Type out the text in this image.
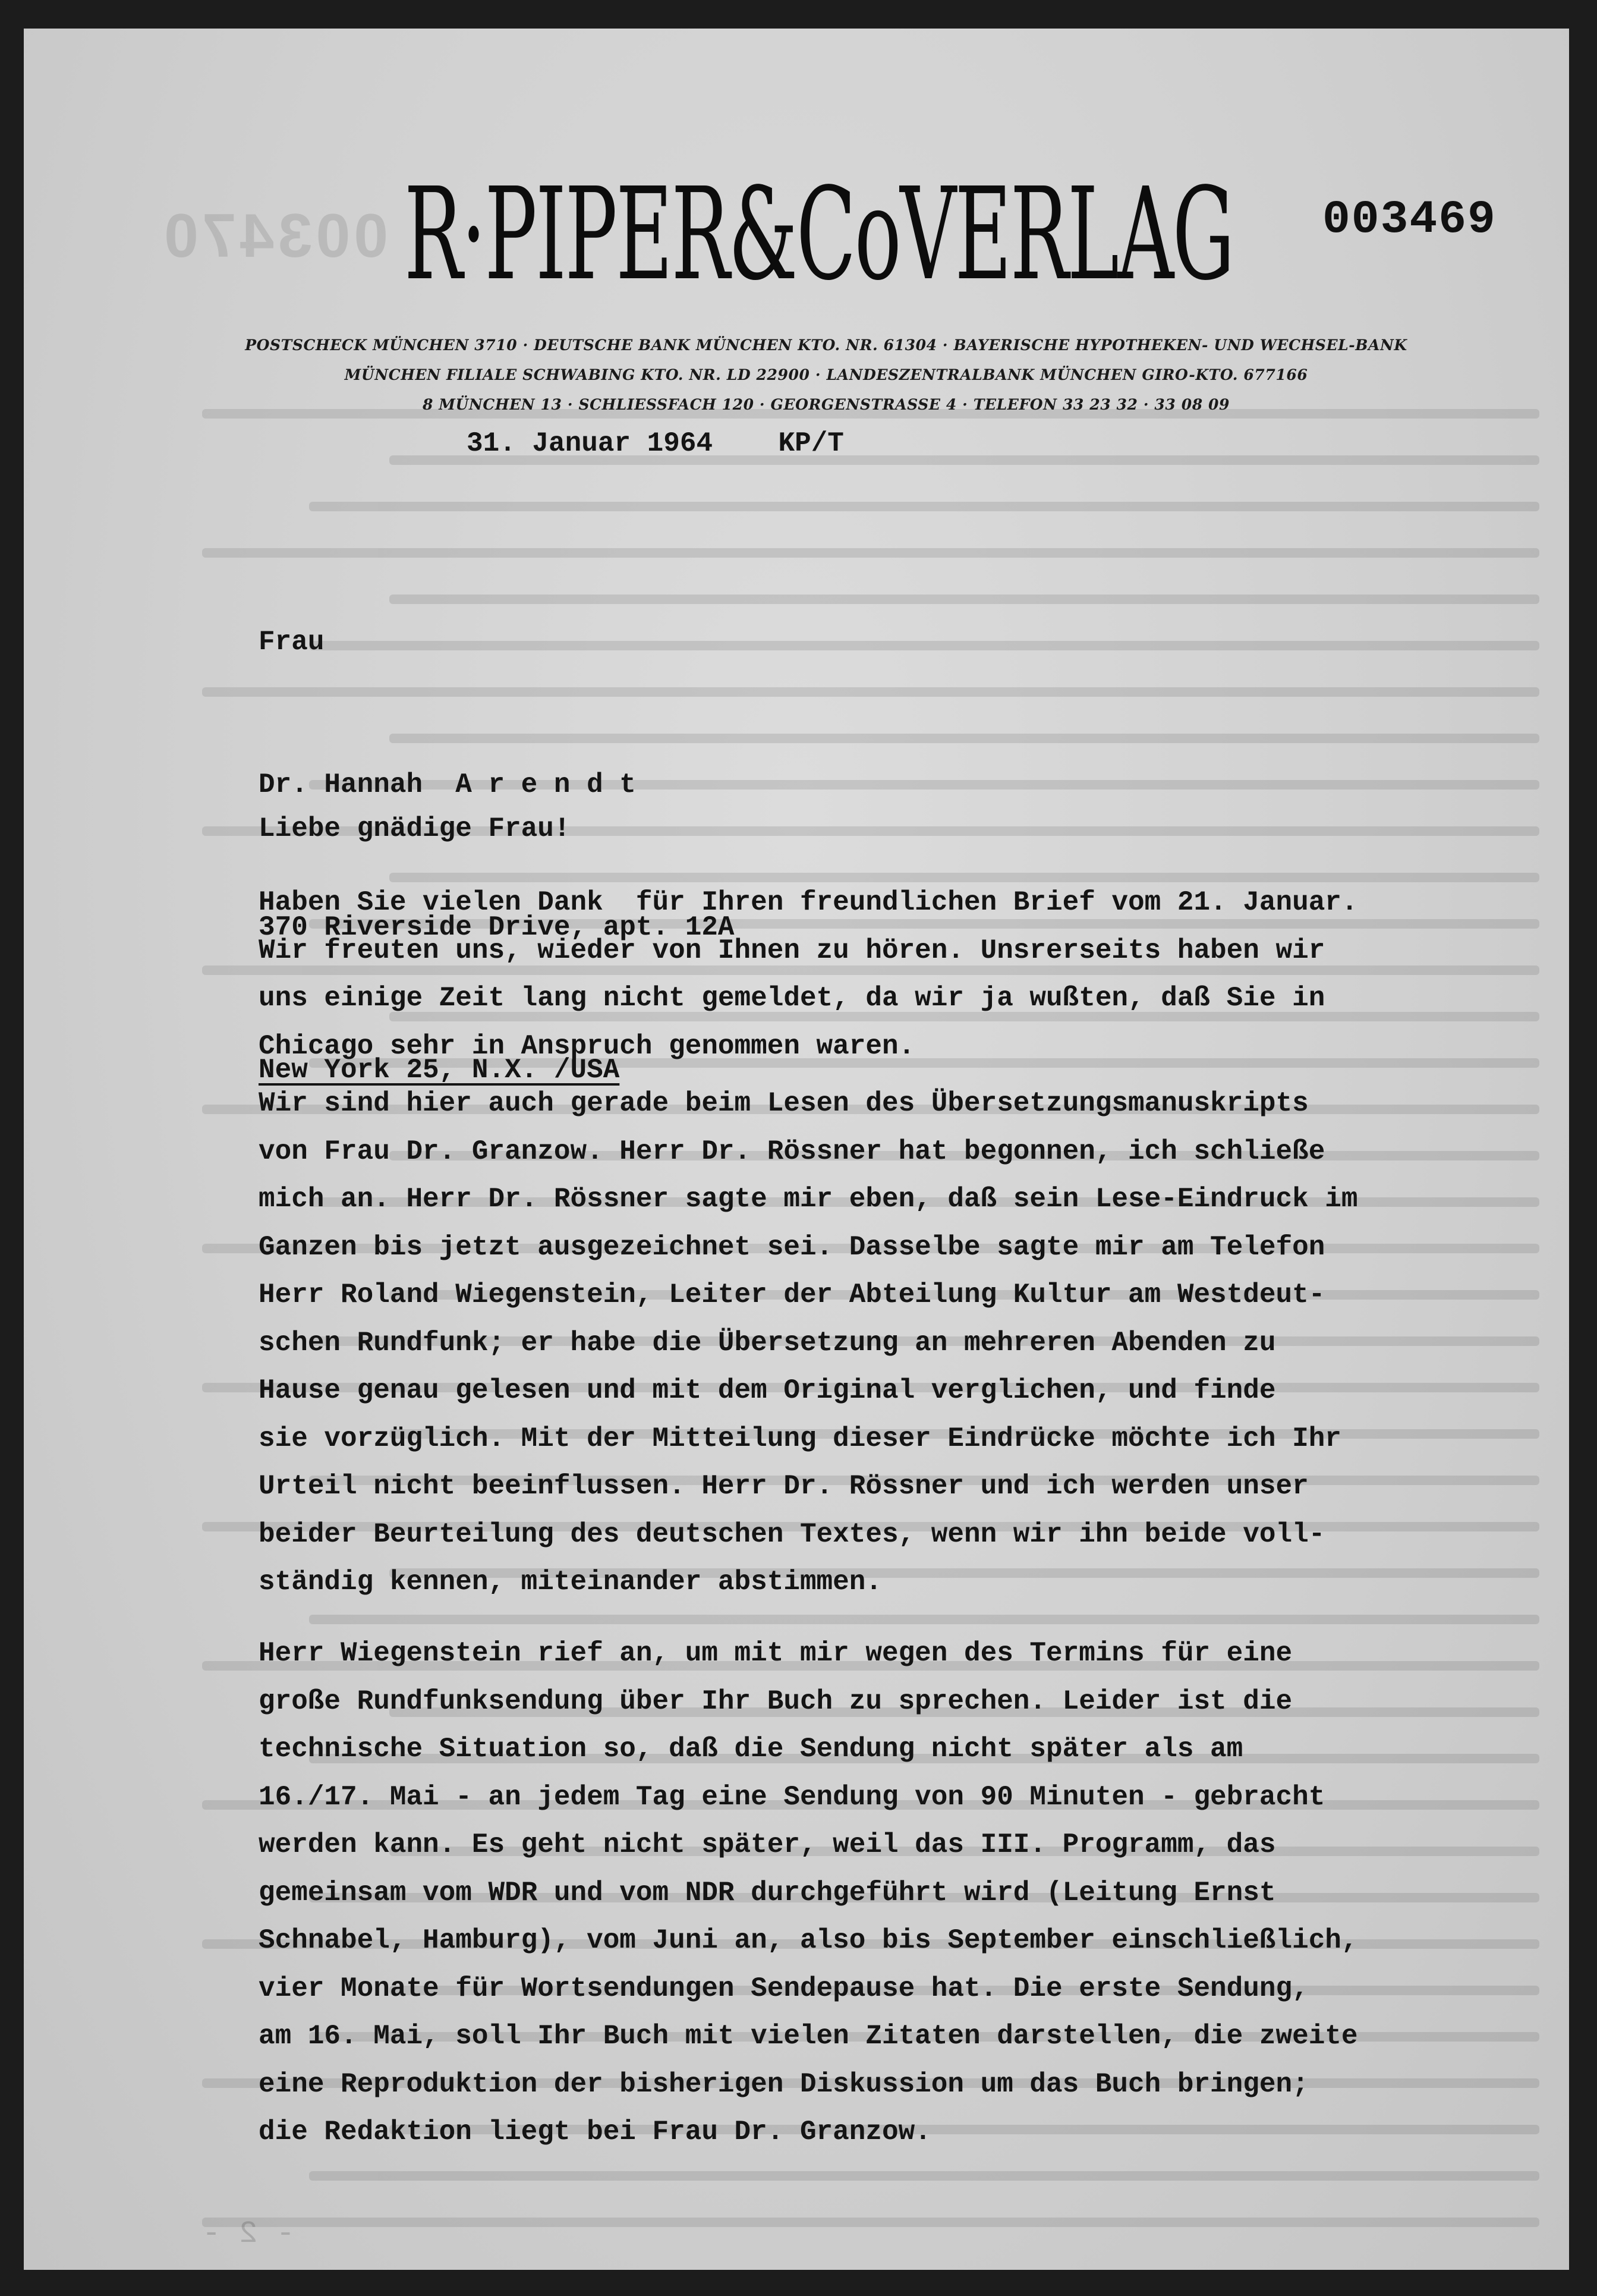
003470
- 2 -
R·PIPER&CoVERLAG 003469

POSTSCHECK MÜNCHEN 3710 · DEUTSCHE BANK MÜNCHEN KTO. NR. 61304 · BAYERISCHE HYPOTHEKEN- UND WECHSEL-BANK
MÜNCHEN FILIALE SCHWABING KTO. NR. LD 22900 · LANDESZENTRALBANK MÜNCHEN GIRO-KTO. 677166
8 MÜNCHEN 13 · SCHLIESSFACH 120 · GEORGENSTRASSE 4 · TELEFON 33 23 32 · 33 08 09

31. Januar 1964    KP/T

Frau

Dr. Hannah  A r e n d t

370 Riverside Drive, apt. 12A

New York 25, N.X. /USA

Liebe gnädige Frau!

Haben Sie vielen Dank  für Ihren freundlichen Brief vom 21. Januar.
Wir freuten uns, wieder von Ihnen zu hören. Unsrerseits haben wir
uns einige Zeit lang nicht gemeldet, da wir ja wußten, daß Sie in
Chicago sehr in Anspruch genommen waren.
Wir sind hier auch gerade beim Lesen des Übersetzungsmanuskripts
von Frau Dr. Granzow. Herr Dr. Rössner hat begonnen, ich schließe
mich an. Herr Dr. Rössner sagte mir eben, daß sein Lese-Eindruck im
Ganzen bis jetzt ausgezeichnet sei. Dasselbe sagte mir am Telefon
Herr Roland Wiegenstein, Leiter der Abteilung Kultur am Westdeut-
schen Rundfunk; er habe die Übersetzung an mehreren Abenden zu
Hause genau gelesen und mit dem Original verglichen, und finde
sie vorzüglich. Mit der Mitteilung dieser Eindrücke möchte ich Ihr
Urteil nicht beeinflussen. Herr Dr. Rössner und ich werden unser
beider Beurteilung des deutschen Textes, wenn wir ihn beide voll-
ständig kennen, miteinander abstimmen.
Herr Wiegenstein rief an, um mit mir wegen des Termins für eine
große Rundfunksendung über Ihr Buch zu sprechen. Leider ist die
technische Situation so, daß die Sendung nicht später als am
16./17. Mai - an jedem Tag eine Sendung von 90 Minuten - gebracht
werden kann. Es geht nicht später, weil das III. Programm, das
gemeinsam vom WDR und vom NDR durchgeführt wird (Leitung Ernst
Schnabel, Hamburg), vom Juni an, also bis September einschließlich,
vier Monate für Wortsendungen Sendepause hat. Die erste Sendung,
am 16. Mai, soll Ihr Buch mit vielen Zitaten darstellen, die zweite
eine Reproduktion der bisherigen Diskussion um das Buch bringen;
die Redaktion liegt bei Frau Dr. Granzow.
